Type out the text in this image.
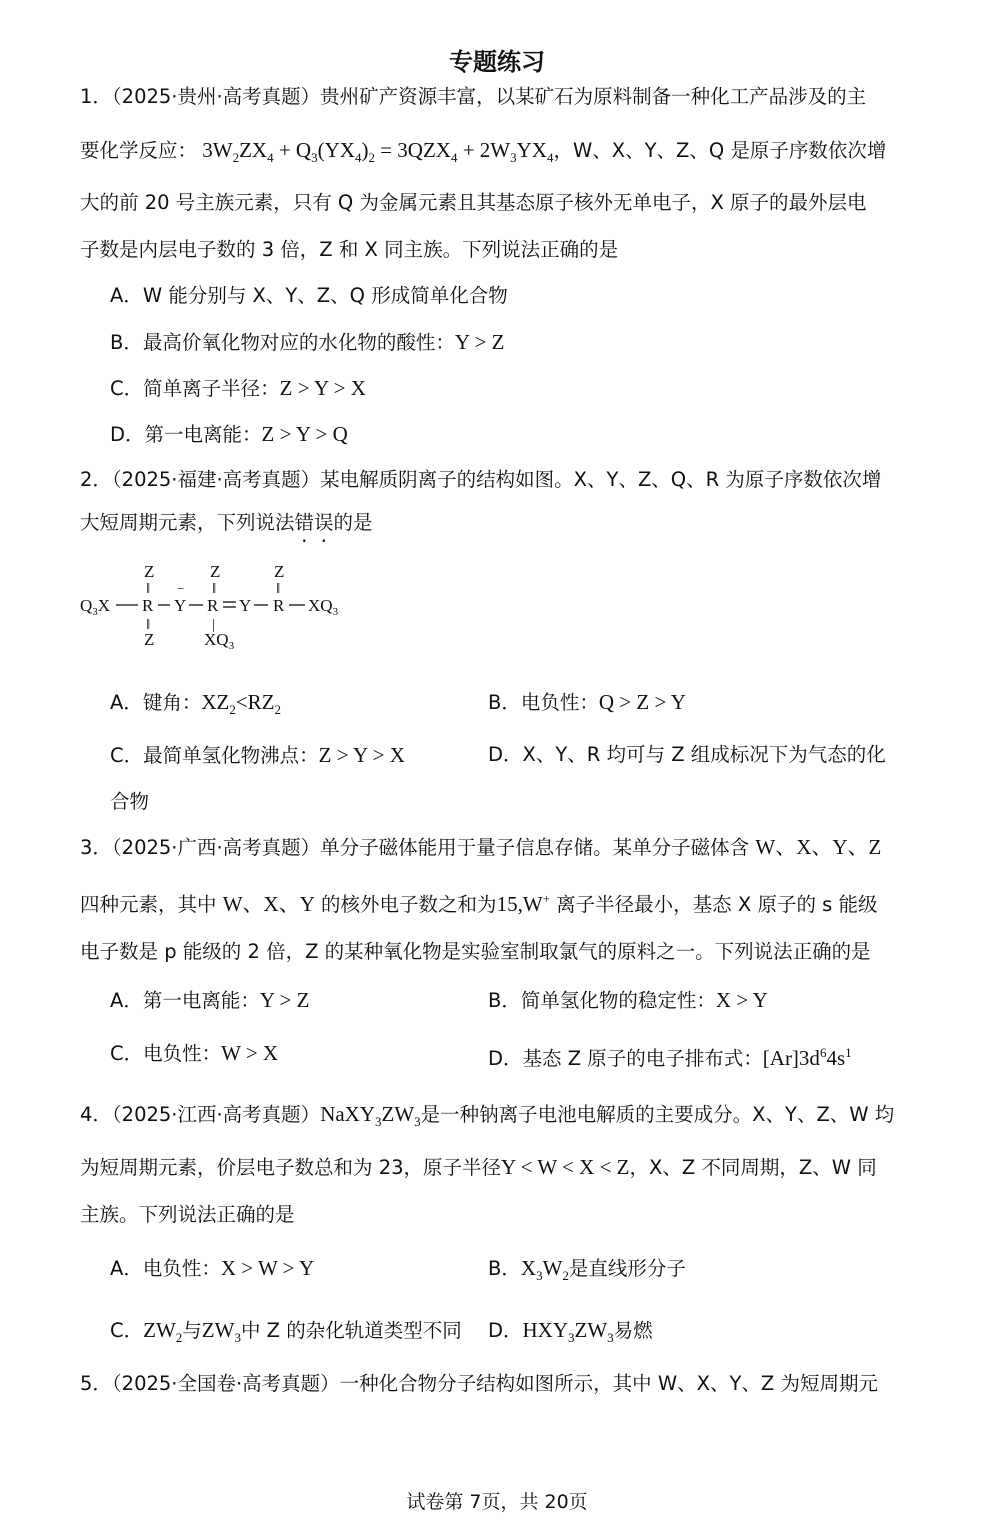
专题练习
1．（2025·贵州·高考真题）贵州矿产资源丰富，以某矿石为原料制备一种化工产品涉及的主
要化学反应： $3W_2ZX_4 + Q_3(YX_4)_2 = 3QZX_4 + 2W_3YX_4$，W、X、Y、Z、Q 是原子序数依次增
大的前 20 号主族元素，只有 Q 为金属元素且其基态原子核外无单电子，X 原子的最外层电
子数是内层电子数的 3 倍，Z 和 X 同主族。下列说法正确的是
A．W 能分别与 X、Y、Z、Q 形成简单化合物
B．最高价氧化物对应的水化物的酸性：Y > Z
C．简单离子半径：Z > Y > X
D．第一电离能：Z > Y > Q
2．（2025·福建·高考真题）某电解质阴离子的结构如图。X、Y、Z、Q、R 为原子序数依次增
大短周期元素，下列说法错误的是
Z	Z	Z
‖	‖	‖
$Q_3X$ R
−
Y R Y R $XQ_3$
‖
Z
|
$XQ_3$
A．键角：$XZ_2<RZ_2$	B．电负性：Q > Z > Y
C．最简单氢化物沸点：Z > Y > X	D．X、Y、R 均可与 Z 组成标况下为气态的化
合物
3．（2025·广西·高考真题）单分子磁体能用于量子信息存储。某单分子磁体含 W、X、Y、Z
四种元素，其中 W、X、Y 的核外电子数之和为15,W+ 离子半径最小，基态 X 原子的 s 能级
电子数是 p 能级的 2 倍，Z 的某种氧化物是实验室制取氯气的原料之一。下列说法正确的是
A．第一电离能：Y > Z	B．简单氢化物的稳定性：X > Y
C．电负性：W > X	D．基态 Z 原子的电子排布式：$[Ar]3d^64s^1$
4．（2025·江西·高考真题）$NaXY_3ZW_3$是一种钠离子电池电解质的主要成分。X、Y、Z、W 均
为短周期元素，价层电子数总和为 23，原子半径Y < W < X < Z，X、Z 不同周期，Z、W 同
主族。下列说法正确的是
A．电负性：X > W > Y	B．$X_3W_2$是直线形分子
C．$ZW_2$与$ZW_3$中 Z 的杂化轨道类型不同 D．$HXY_3ZW_3$易燃
5．（2025·全国卷·高考真题）一种化合物分子结构如图所示，其中 W、X、Y、Z 为短周期元
试卷第 7页，共 20页
